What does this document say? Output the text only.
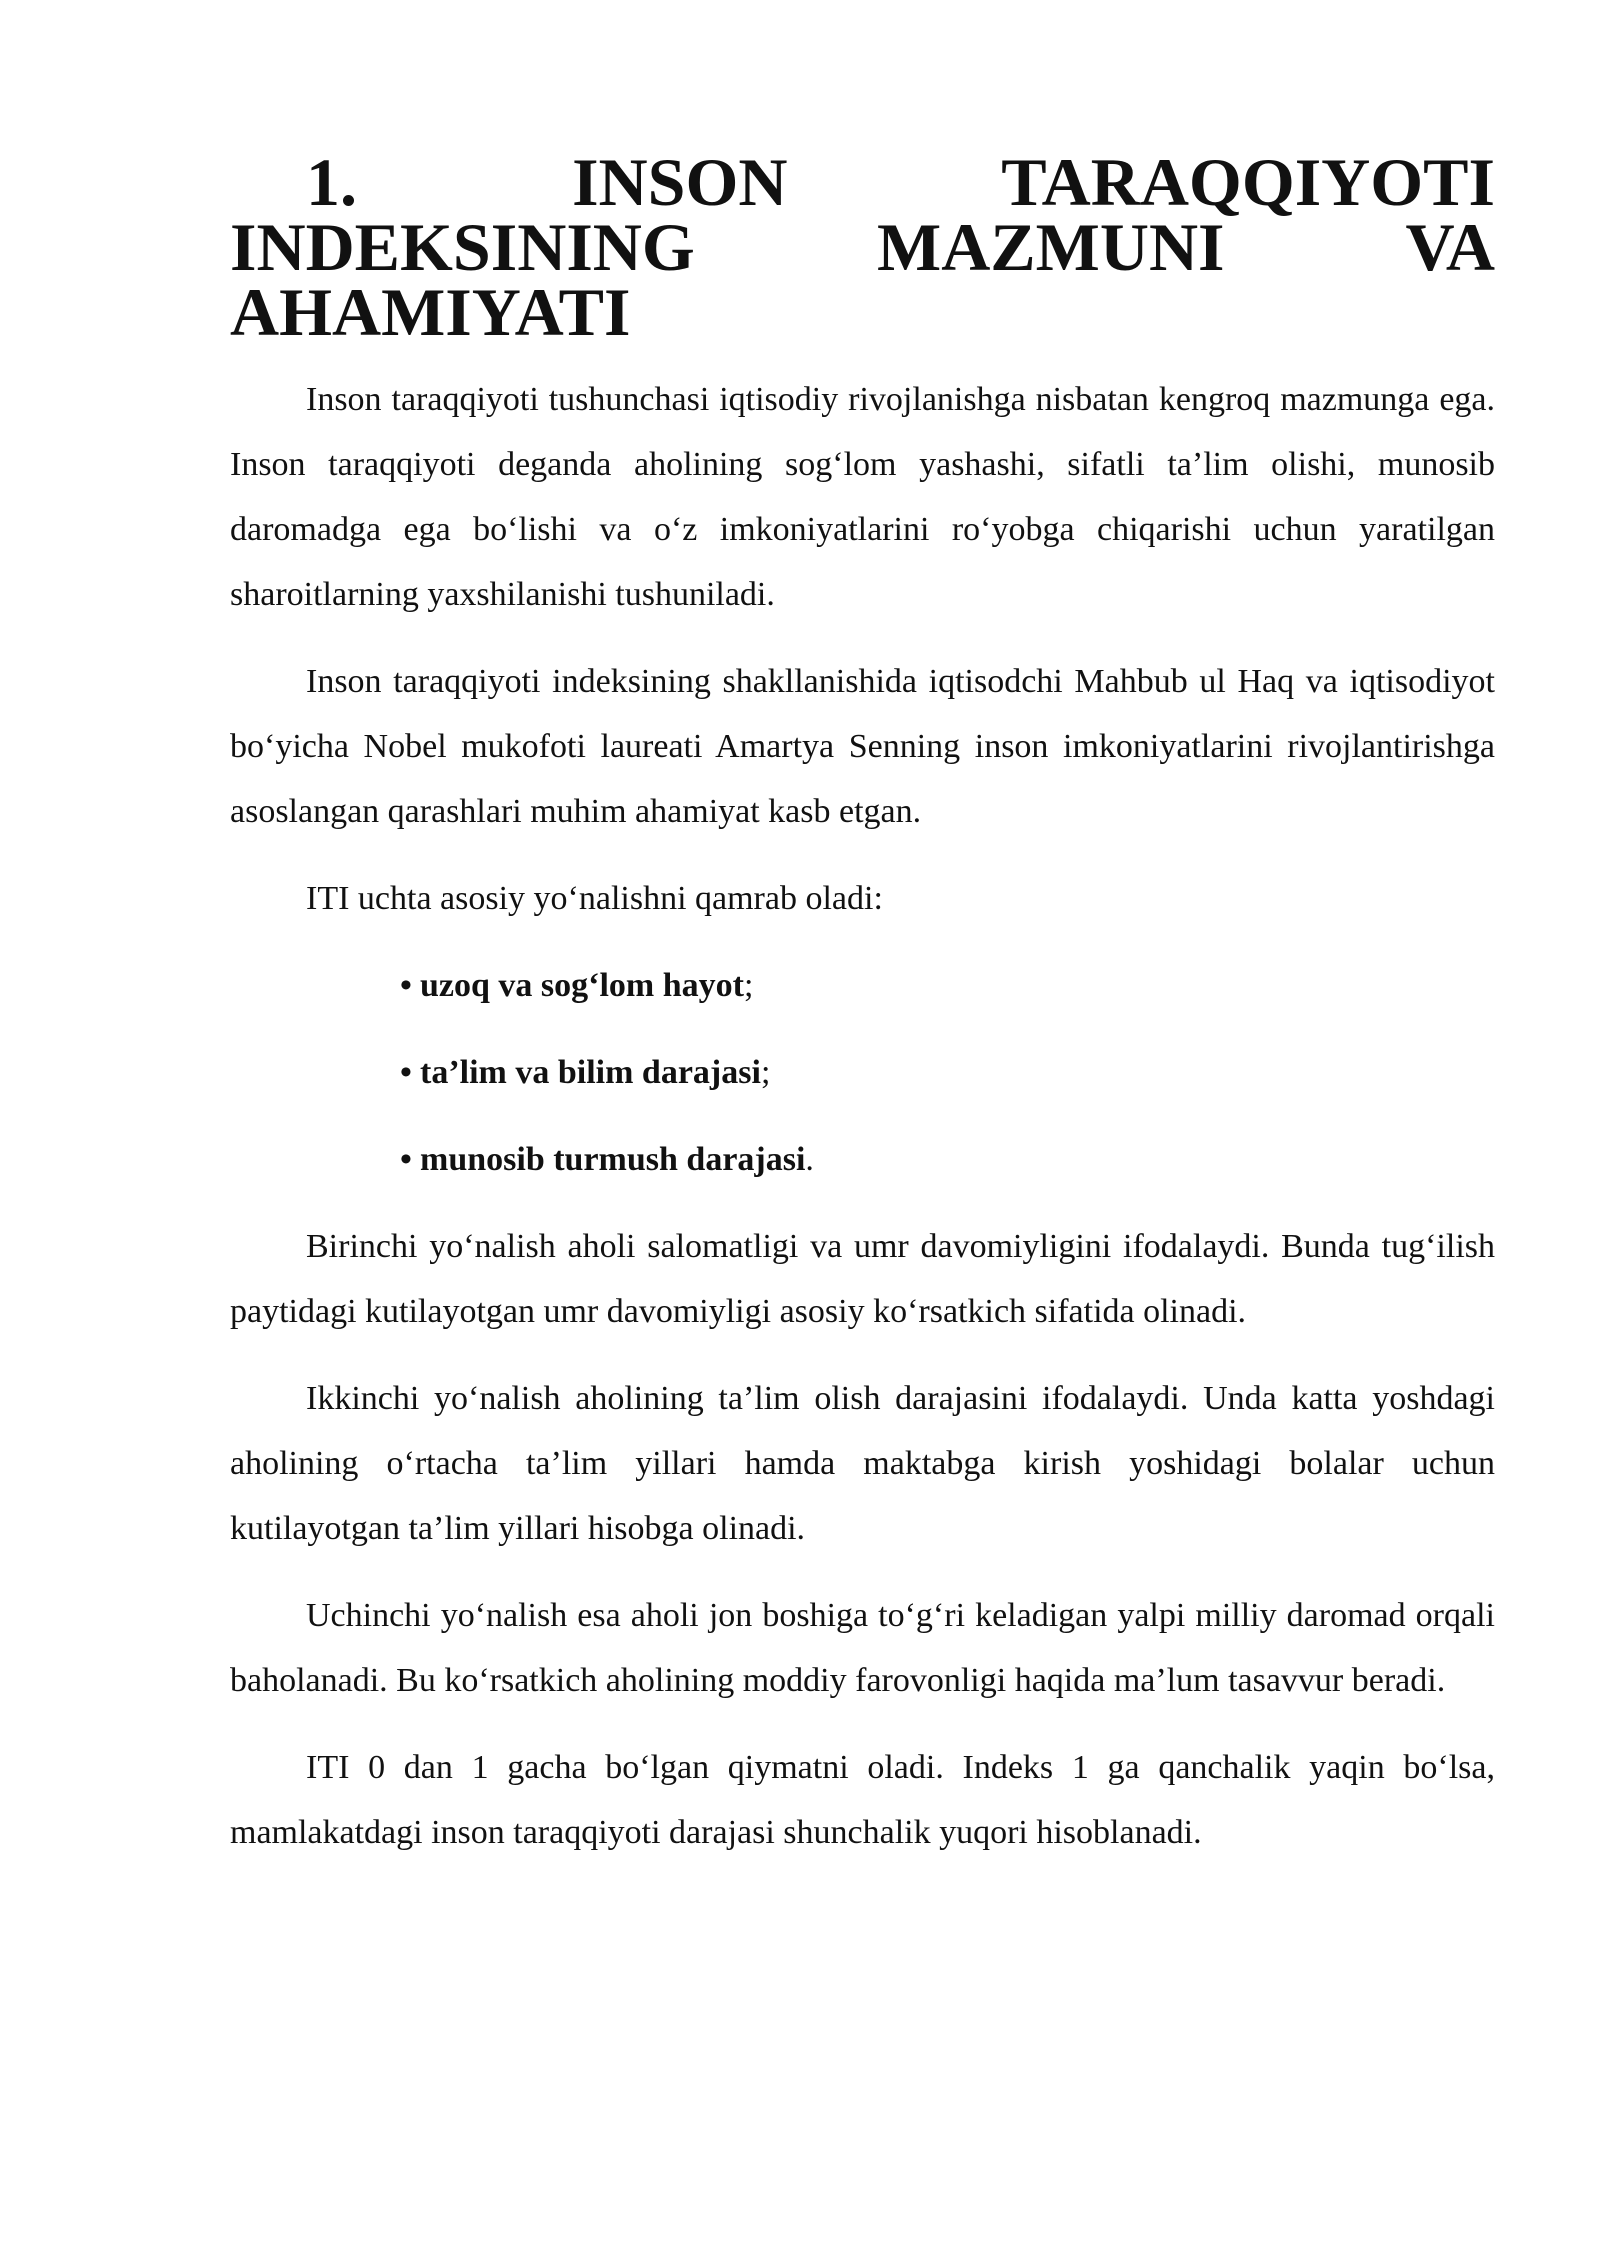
1. INSON TARAQQIYOTI INDEKSINING MAZMUNI VA AHAMIYATI

Inson taraqqiyoti tushunchasi iqtisodiy rivojlanishga nisbatan kengroq mazmunga ega. Inson taraqqiyoti deganda aholining sog‘lom yashashi, sifatli ta’lim olishi, munosib daromadga ega bo‘lishi va o‘z imkoniyatlarini ro‘yobga chiqarishi uchun yaratilgan sharoitlarning yaxshilanishi tushuniladi.

Inson taraqqiyoti indeksining shakllanishida iqtisodchi Mahbub ul Haq va iqtisodiyot bo‘yicha Nobel mukofoti laureati Amartya Senning inson imkoniyatlarini rivojlantirishga asoslangan qarashlari muhim ahamiyat kasb etgan.

ITI uchta asosiy yo‘nalishni qamrab oladi:

• uzoq va sog‘lom hayot;
• ta’lim va bilim darajasi;
• munosib turmush darajasi.

Birinchi yo‘nalish aholi salomatligi va umr davomiyligini ifodalaydi. Bunda tug‘ilish paytidagi kutilayotgan umr davomiyligi asosiy ko‘rsatkich sifatida olinadi.

Ikkinchi yo‘nalish aholining ta’lim olish darajasini ifodalaydi. Unda katta yoshdagi aholining o‘rtacha ta’lim yillari hamda maktabga kirish yoshidagi bolalar uchun kutilayotgan ta’lim yillari hisobga olinadi.

Uchinchi yo‘nalish esa aholi jon boshiga to‘g‘ri keladigan yalpi milliy daromad orqali baholanadi. Bu ko‘rsatkich aholining moddiy farovonligi haqida ma’lum tasavvur beradi.

ITI 0 dan 1 gacha bo‘lgan qiymatni oladi. Indeks 1 ga qanchalik yaqin bo‘lsa, mamlakatdagi inson taraqqiyoti darajasi shunchalik yuqori hisoblanadi.
